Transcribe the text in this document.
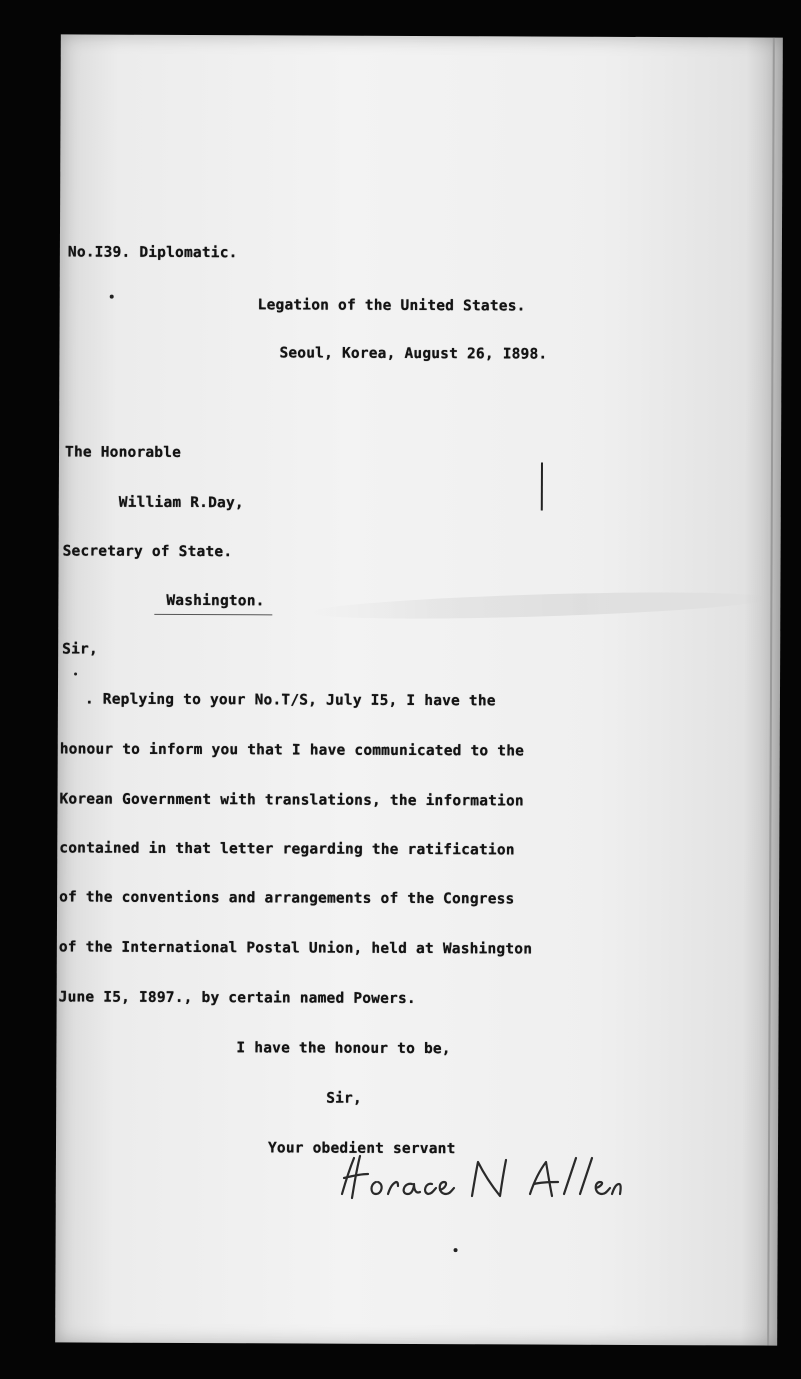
No.I39. Diplomatic.
Legation of the United States.
Seoul, Korea, August 26, I898.
The Honorable
William R.Day,
Secretary of State.
Washington.
Sir,
. Replying to your No.T/S, July I5, I have the
honour to inform you that I have communicated to the
Korean Government with translations, the information
contained in that letter regarding the ratification
of the conventions and arrangements of the Congress
of the International Postal Union, held at Washington
June I5, I897., by certain named Powers.
I have the honour to be,
Sir,
Your obedient servant
